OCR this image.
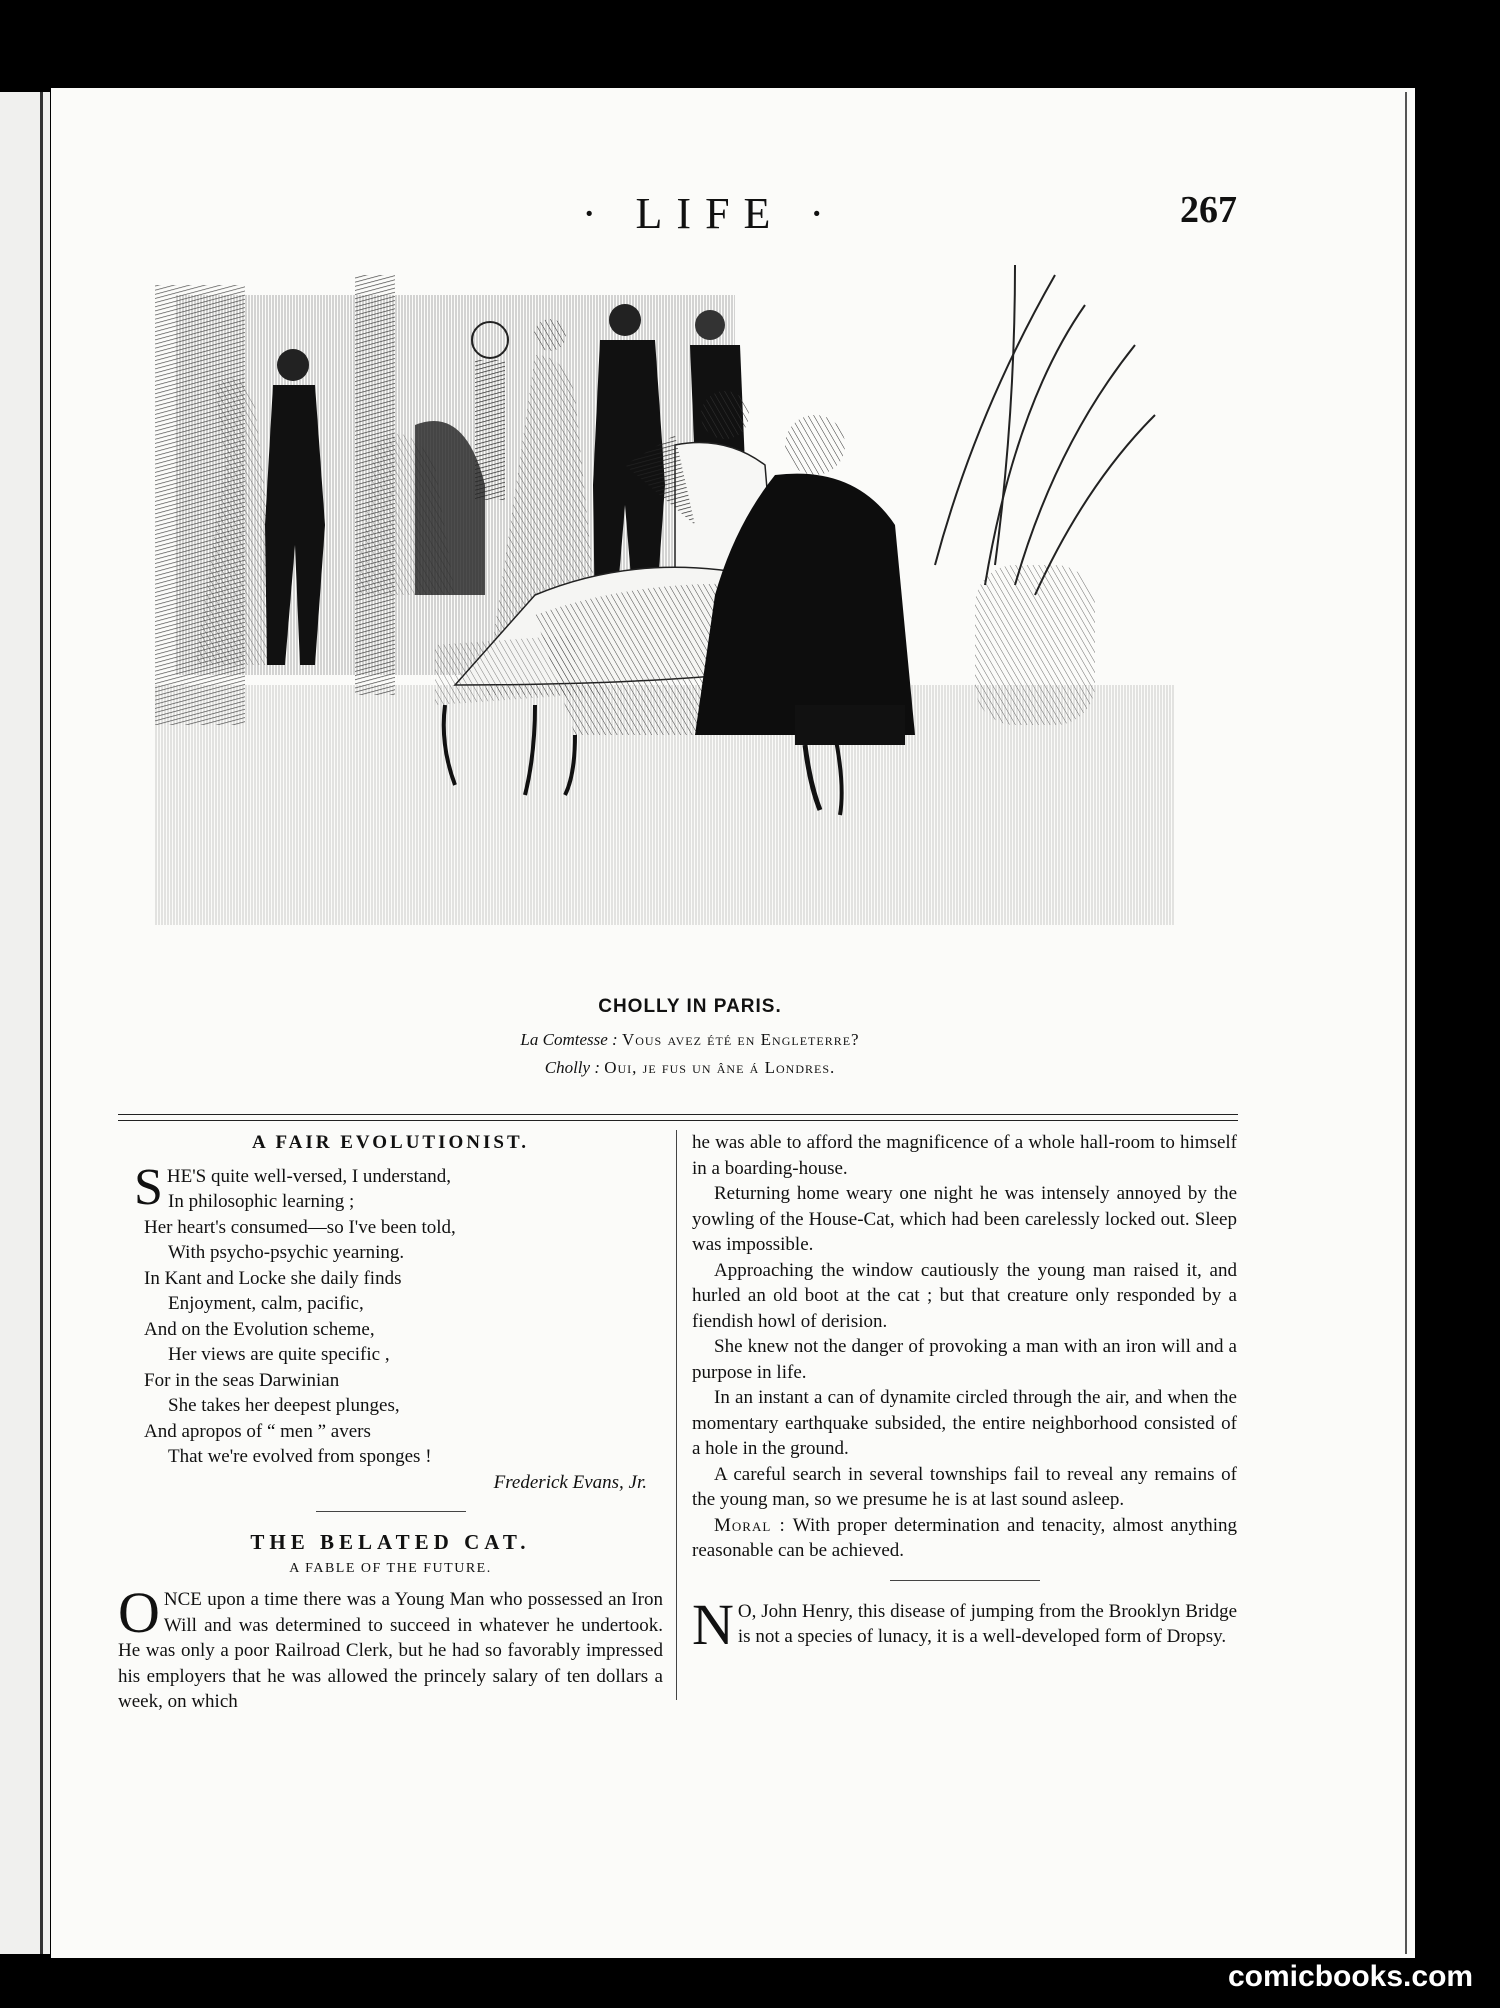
· LIFE ·	267
CHOLLY IN PARIS.
La Comtesse : Vous avez été en Engleterre?
Cholly : Oui, je fus un âne á Londres.
A FAIR EVOLUTIONIST.
S HE'S quite well-versed, I understand,
In philosophic learning ;
Her heart's consumed—so I've been told,
With psycho-psychic yearning.
In Kant and Locke she daily finds
Enjoyment, calm, pacific,
And on the Evolution scheme,
Her views are quite specific ,
For in the seas Darwinian
She takes her deepest plunges,
And apropos of “ men ” avers
That we're evolved from sponges !
Frederick Evans, Jr.
THE BELATED CAT.
A FABLE OF THE FUTURE.
O NCE upon a time there was a Young Man who possessed an Iron Will and was determined to succeed in whatever he undertook. He was only a poor Railroad Clerk, but he had so favorably impressed his employers that he was allowed the princely salary of ten dollars a week, on which

he was able to afford the magnificence of a whole hall-room to himself in a boarding-house.

Returning home weary one night he was intensely annoyed by the yowling of the House-Cat, which had been carelessly locked out. Sleep was impossible.

Approaching the window cautiously the young man raised it, and hurled an old boot at the cat ; but that creature only responded by a fiendish howl of derision.

She knew not the danger of provoking a man with an iron will and a purpose in life.

In an instant a can of dynamite circled through the air, and when the momentary earthquake subsided, the entire neighborhood consisted of a hole in the ground.

A careful search in several townships fail to reveal any remains of the young man, so we presume he is at last sound asleep.

Moral : With proper determination and tenacity, almost anything reasonable can be achieved.

N O, John Henry, this disease of jumping from the Brooklyn Bridge is not a species of lunacy, it is a well-developed form of Dropsy.
comicbooks.com
